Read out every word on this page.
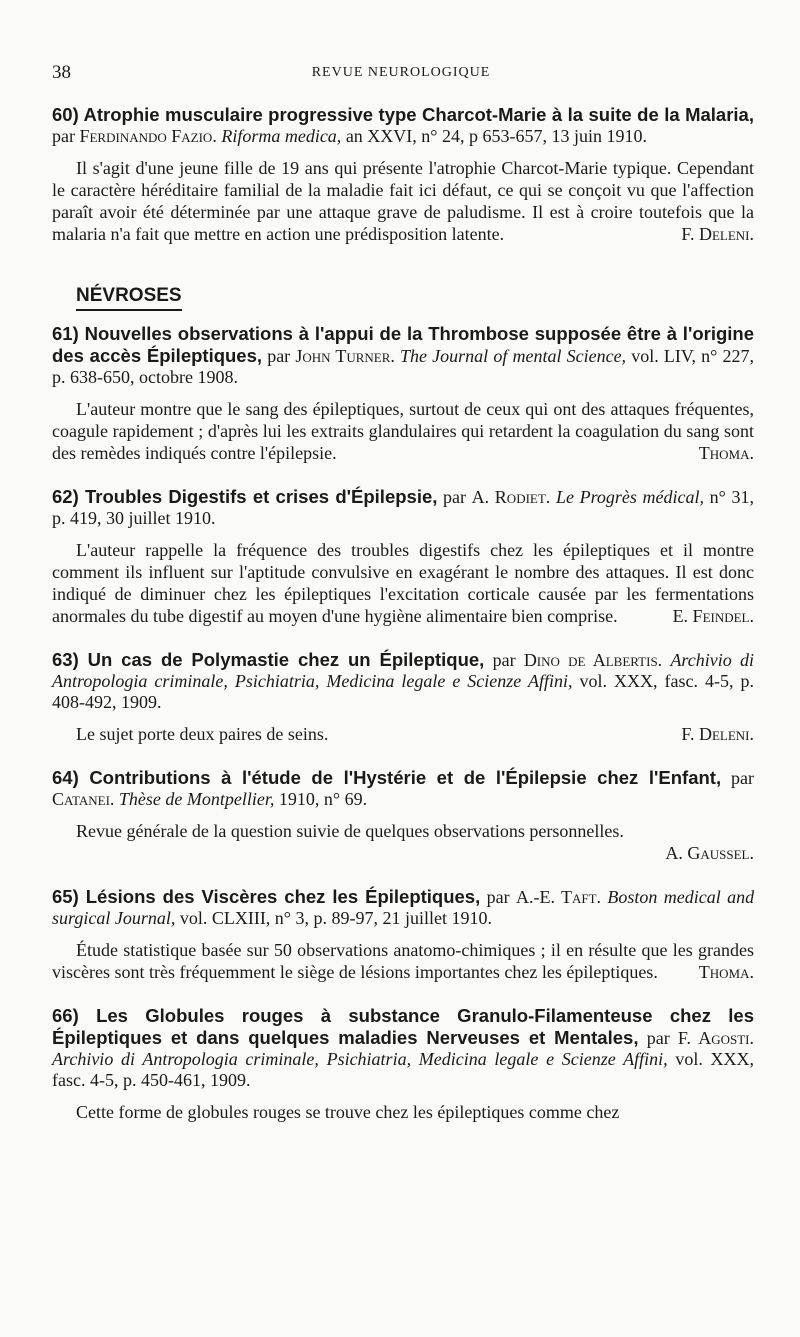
38	REVUE NEUROLOGIQUE

60) Atrophie musculaire progressive type Charcot-Marie à la suite de la Malaria, par Ferdinando Fazio. Riforma medica, an XXVI, n° 24, p 653-657, 13 juin 1910.

Il s'agit d'une jeune fille de 19 ans qui présente l'atrophie Charcot-Marie typique. Cependant le caractère héréditaire familial de la maladie fait ici défaut, ce qui se conçoit vu que l'affection paraît avoir été déterminée par une attaque grave de paludisme. Il est à croire toutefois que la malaria n'a fait que mettre en action une prédisposition latente.	F. Deleni.

NÉVROSES

61) Nouvelles observations à l'appui de la Thrombose supposée être à l'origine des accès Épileptiques, par John Turner. The Journal of mental Science, vol. LIV, n° 227, p. 638-650, octobre 1908.

L'auteur montre que le sang des épileptiques, surtout de ceux qui ont des attaques fréquentes, coagule rapidement ; d'après lui les extraits glandulaires qui retardent la coagulation du sang sont des remèdes indiqués contre l'épilepsie.	Thoma.

62) Troubles Digestifs et crises d'Épilepsie, par A. Rodiet. Le Progrès médical, n° 31, p. 419, 30 juillet 1910.

L'auteur rappelle la fréquence des troubles digestifs chez les épileptiques et il montre comment ils influent sur l'aptitude convulsive en exagérant le nombre des attaques. Il est donc indiqué de diminuer chez les épileptiques l'excitation corticale causée par les fermentations anormales du tube digestif au moyen d'une hygiène alimentaire bien comprise.	E. Feindel.

63) Un cas de Polymastie chez un Épileptique, par Dino de Albertis. Archivio di Antropologia criminale, Psichiatria, Medicina legale e Scienze Affini, vol. XXX, fasc. 4-5, p. 408-492, 1909.

Le sujet porte deux paires de seins.	F. Deleni.

64) Contributions à l'étude de l'Hystérie et de l'Épilepsie chez l'Enfant, par Catanei. Thèse de Montpellier, 1910, n° 69.

Revue générale de la question suivie de quelques observations personnelles.

A. Gaussel.

65) Lésions des Viscères chez les Épileptiques, par A.-E. Taft. Boston medical and surgical Journal, vol. CLXIII, n° 3, p. 89-97, 21 juillet 1910.

Étude statistique basée sur 50 observations anatomo-chimiques ; il en résulte que les grandes viscères sont très fréquemment le siège de lésions importantes chez les épileptiques.	Thoma.

66) Les Globules rouges à substance Granulo-Filamenteuse chez les Épileptiques et dans quelques maladies Nerveuses et Mentales, par F. Agosti. Archivio di Antropologia criminale, Psichiatria, Medicina legale e Scienze Affini, vol. XXX, fasc. 4-5, p. 450-461, 1909.

Cette forme de globules rouges se trouve chez les épileptiques comme chez
